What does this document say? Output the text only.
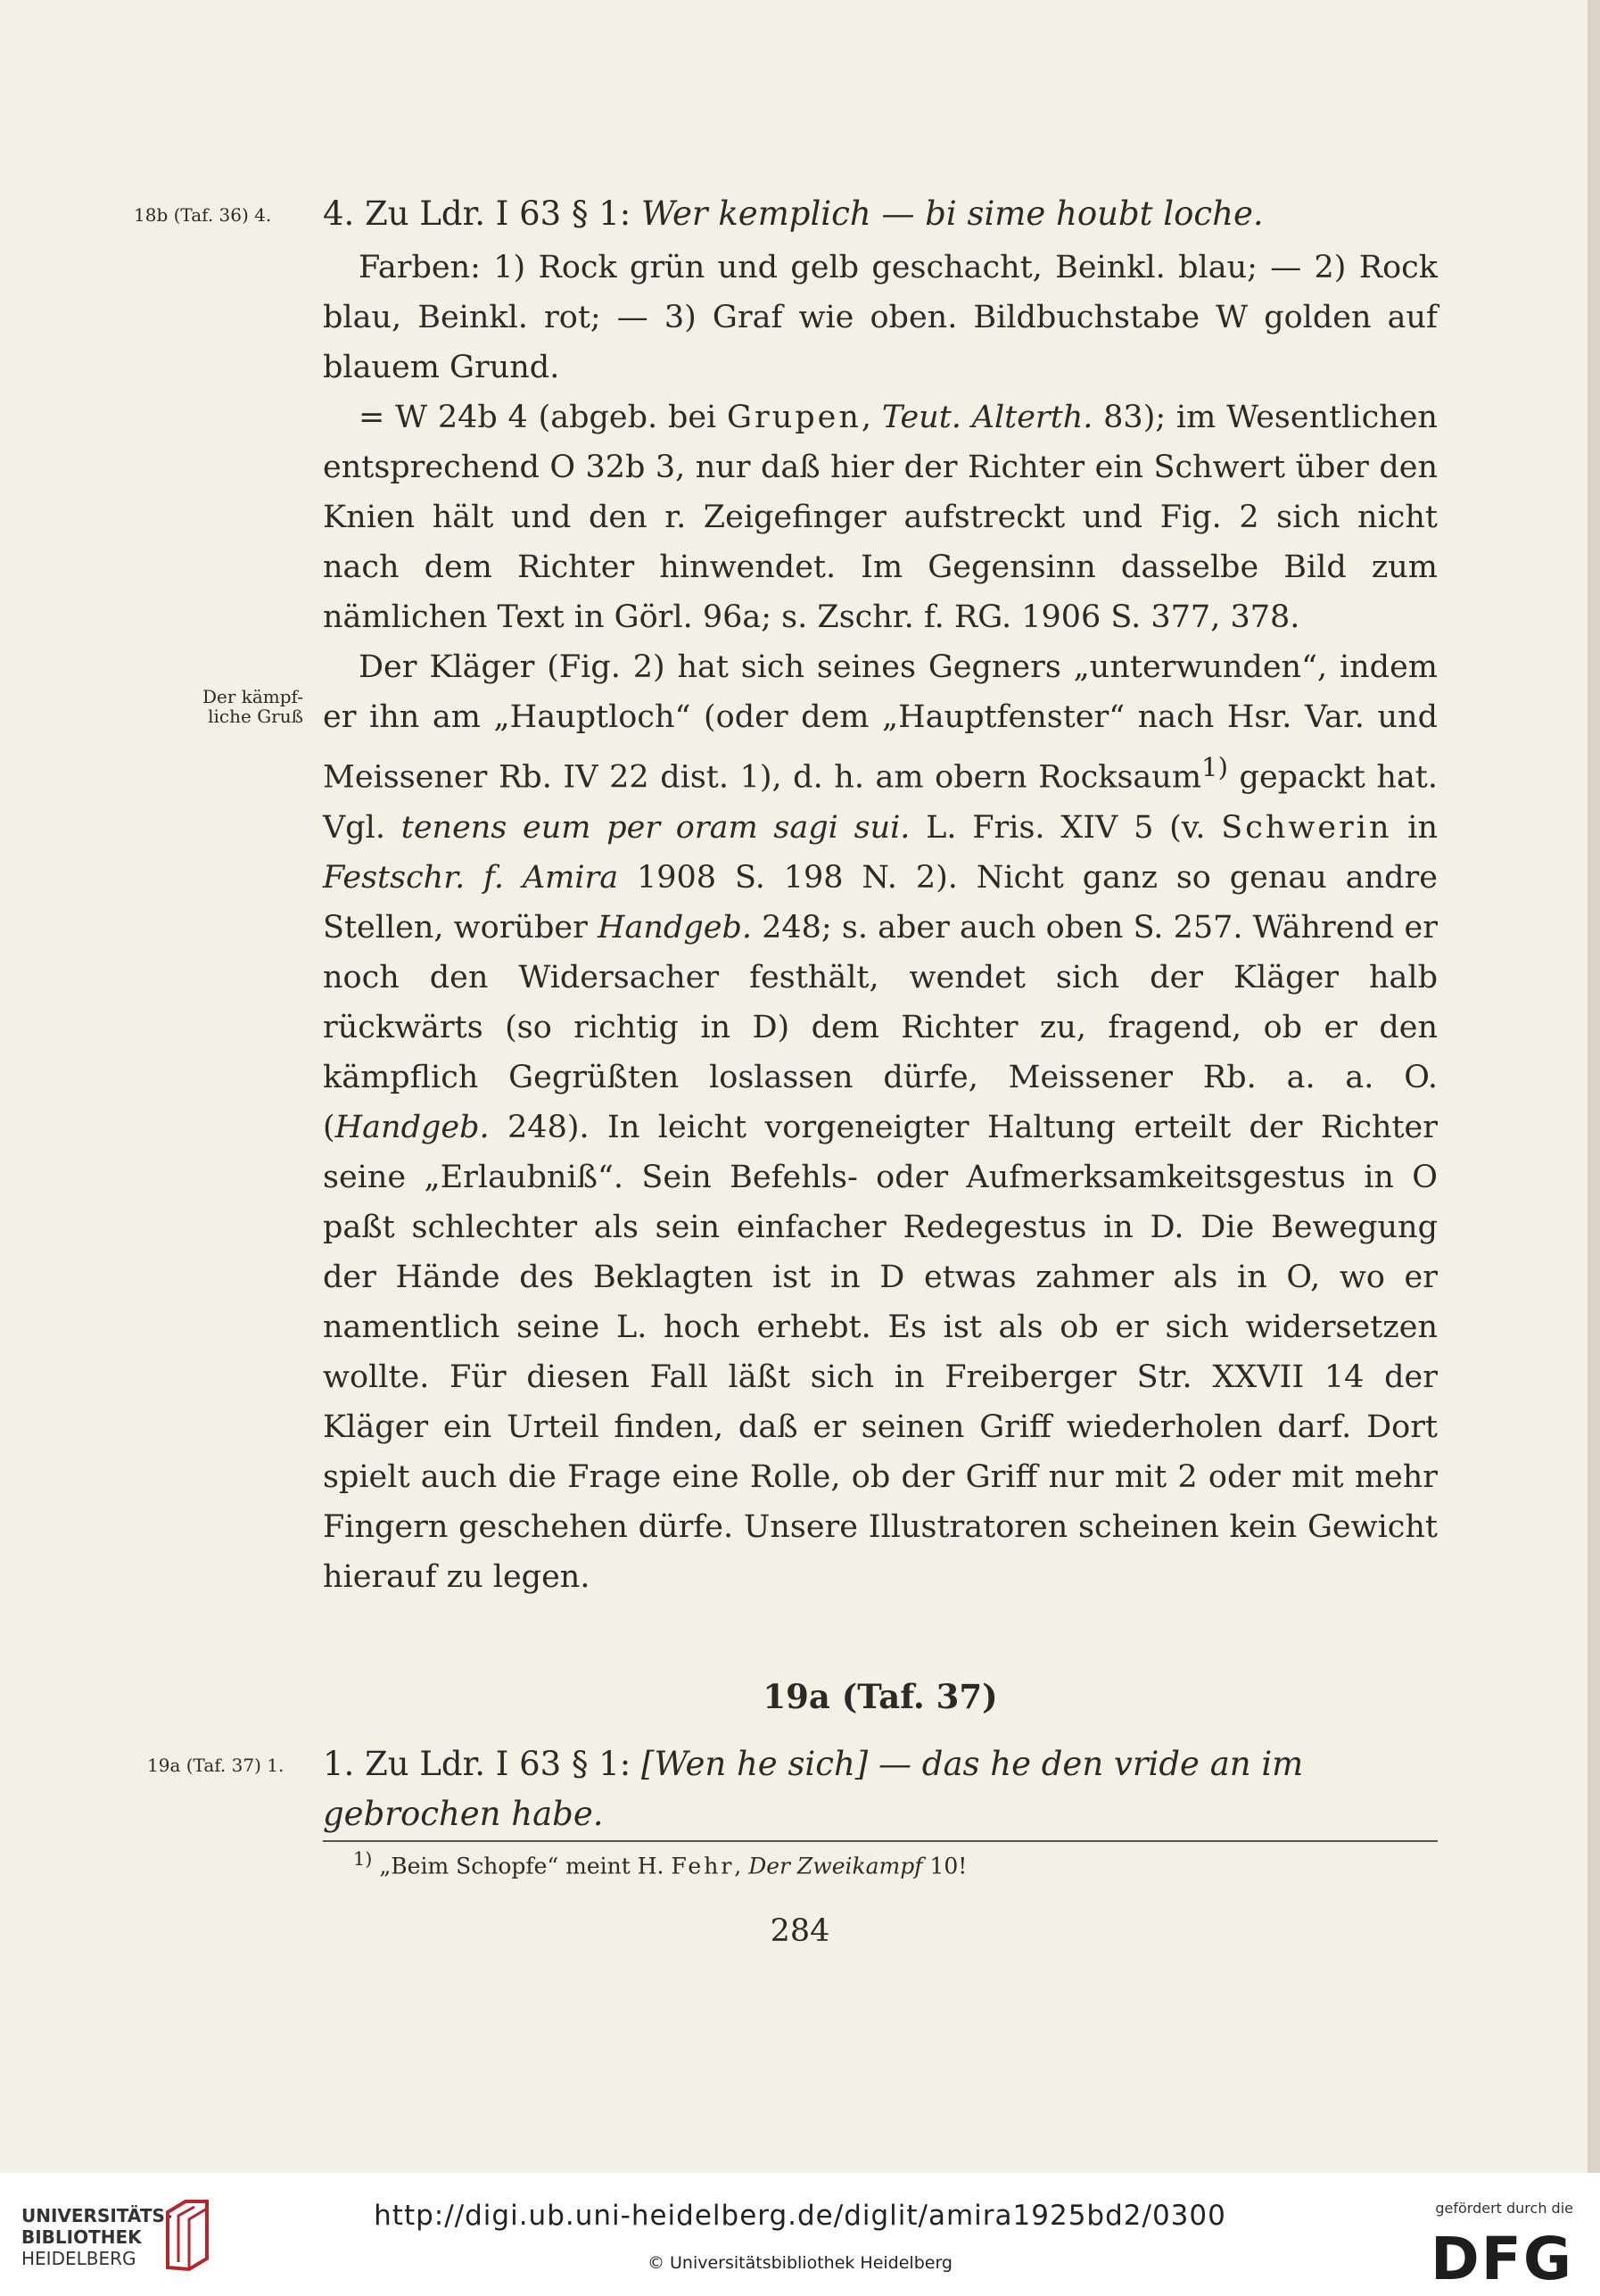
18b (Taf. 36) 4.	4. Zu Ldr. I 63 § 1: Wer kemplich — bi sime houbt loche.

Farben: 1) Rock grün und gelb geschacht, Beinkl. blau; — 2) Rock blau, Beinkl. rot; — 3) Graf wie oben. Bildbuchstabe W golden auf blauem Grund.

= W 24b 4 (abgeb. bei Grupen, Teut. Alterth. 83); im Wesentlichen entsprechend O 32b 3, nur daß hier der Richter ein Schwert über den Knien hält und den r. Zeigefinger aufstreckt und Fig. 2 sich nicht nach dem Richter hinwendet. Im Gegensinn dasselbe Bild zum nämlichen Text in Görl. 96a; s. Zschr. f. RG. 1906 S. 377, 378.

Der Kläger (Fig. 2) hat sich seines Gegners „unterwunden“, indem er ihn am „Hauptloch“ (oder dem „Hauptfenster“ nach Hsr. Var. und Meissener Rb. IV 22 dist. 1), d. h. am obern Rocksaum$^{1)}$ gepackt hat. Vgl. tenens eum per oram sagi sui. L. Fris. XIV 5 (v. Schwerin in Festschr. f. Amira 1908 S. 198 N. 2). Nicht ganz so genau andre Stellen, worüber Handgeb. 248; s. aber auch oben S. 257. Während er noch den Widersacher festhält, wendet sich der Kläger halb rückwärts (so richtig in D) dem Richter zu, fragend, ob er den kämpflich Gegrüßten loslassen dürfe, Meissener Rb. a. a. O. (Handgeb. 248). In leicht vorgeneigter Haltung erteilt der Richter seine „Erlaubniß“. Sein Befehls- oder Aufmerksamkeitsgestus in O paßt schlechter als sein einfacher Redegestus in D. Die Bewegung der Hände des Beklagten ist in D etwas zahmer als in O, wo er namentlich seine L. hoch erhebt. Es ist als ob er sich widersetzen wollte. Für diesen Fall läßt sich in Freiberger Str. XXVII 14 der Kläger ein Urteil finden, daß er seinen Griff wiederholen darf. Dort spielt auch die Frage eine Rolle, ob der Griff nur mit 2 oder mit mehr Fingern geschehen dürfe. Unsere Illustratoren scheinen kein Gewicht hierauf zu legen.

Der kämpf-
liche Gruß
19a (Taf. 37)
19a (Taf. 37) 1.	1. Zu Ldr. I 63 § 1: [Wen he sich] — das he den vride an im gebrochen habe.

$^{1)}$ „Beim Schopfe“ meint H. Fehr, Der Zweikampf 10!
284
UNIVERSITÄTS-
BIBLIOTHEK
HEIDELBERG
http://digi.ub.uni-heidelberg.de/diglit/amira1925bd2/0300
© Universitätsbibliothek Heidelberg
gefördert durch die
DFG
